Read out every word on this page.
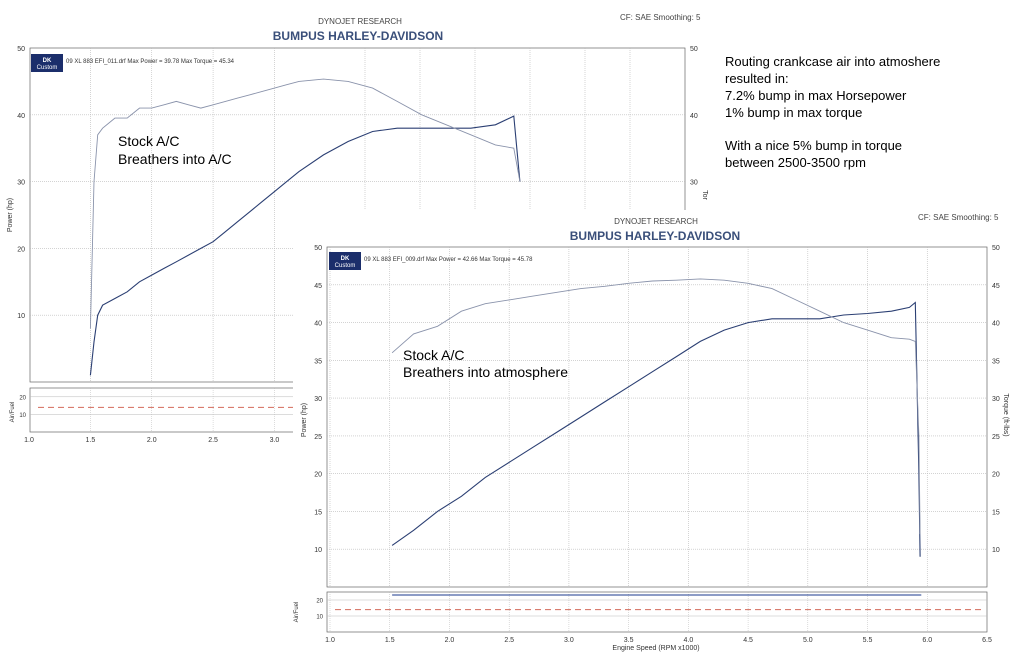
DYNOJET RESEARCH
BUMPUS HARLEY-DAVIDSON
CF: SAE Smoothing: 5
10
20
30
40
50
30
40
50
DK
Custom
09 XL 883 EFI_011.drf Max Power = 39.78 Max Torque = 45.34
Stock A/C
Breathers into A/C
Power (hp)
Tor
10
20
Air/Fuel
1.0	1.5	2.0	2.5	3.0
Routing crankcase air into atmoshere
resulted in:
7.2% bump in max Horsepower
1% bump in max torque
With a nice 5% bump in torque
between 2500-3500 rpm
DYNOJET RESEARCH
BUMPUS HARLEY-DAVIDSON
CF: SAE Smoothing: 5
10
15
20
25
30
35
40
45
50
10
15
20
25
30
35
40
45
50
DK
Custom
09 XL 883 EFI_009.drf Max Power = 42.66 Max Torque = 45.78
Stock A/C
Breathers into atmosphere
Power (hp)	Torque (ft-lbs)
10
20
Air/Fuel
1.0	1.5	2.0	2.5	3.0	3.5	4.0	4.5	5.0	5.5	6.0	6.5
Engine Speed (RPM x1000)
